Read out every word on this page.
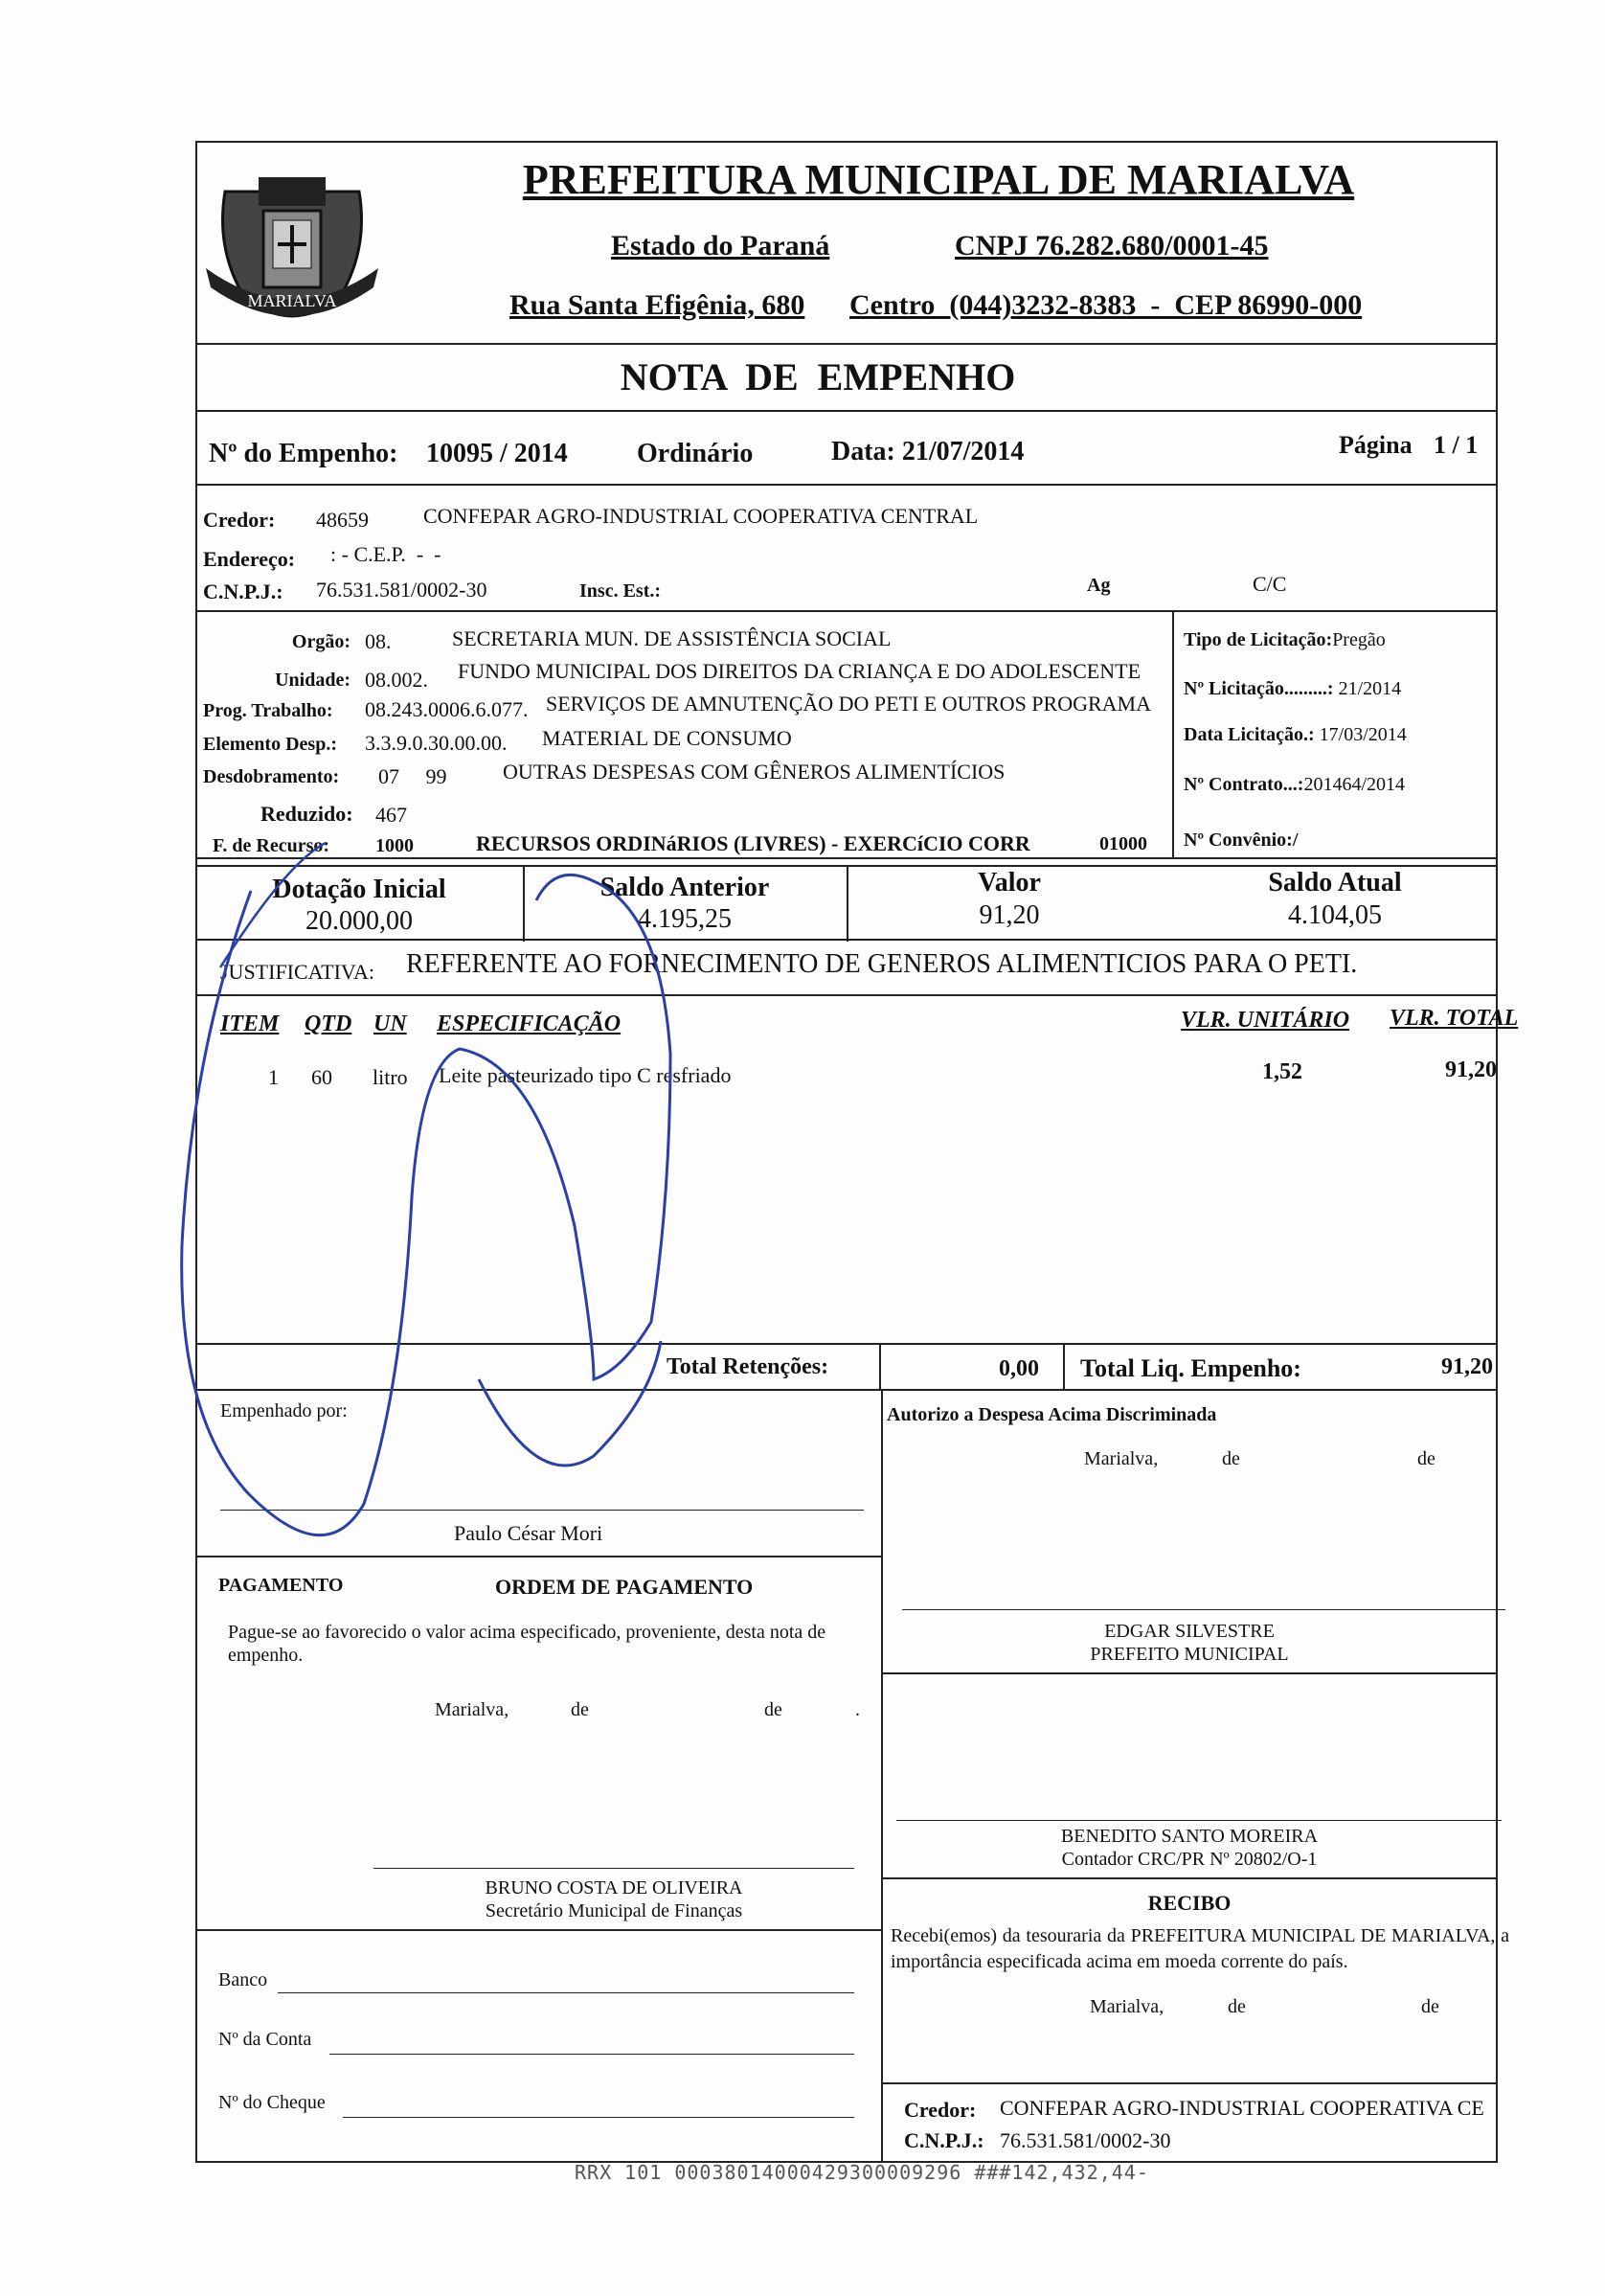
MARIALVA
PREFEITURA MUNICIPAL DE MARIALVA
Estado do Paraná	CNPJ 76.282.680/0001-45
Rua Santa Efigênia, 680 Centro  (044)3232-8383  -  CEP 86990-000
NOTA  DE  EMPENHO
Nº do Empenho: 10095 / 2014	Ordinário	Data: 21/07/2014	Página 1 / 1
Credor: 48659	CONFEPAR AGRO-INDUSTRIAL COOPERATIVA CENTRAL
Endereço: : - C.E.P.  -  -
C.N.P.J.: 76.531.581/0002-30	Insc. Est.:	Ag	C/C
Orgão: 08.	SECRETARIA MUN. DE ASSISTÊNCIA SOCIAL
Unidade: 08.002. FUNDO MUNICIPAL DOS DIREITOS DA CRIANÇA E DO ADOLESCENTE
Prog. Trabalho: 08.243.0006.6.077. SERVIÇOS DE AMNUTENÇÃO DO PETI E OUTROS PROGRAMA
Elemento Desp.: 3.3.9.0.30.00.00. MATERIAL DE CONSUMO
Desdobramento: 07     99	OUTRAS DESPESAS COM GÊNEROS ALIMENTÍCIOS
Reduzido: 467
F. de Recurso: 1000	RECURSOS ORDINáRIOS (LIVRES) - EXERCíCIO CORR	01000
Tipo de Licitação:Pregão
Nº Licitação.........: 21/2014
Data Licitação.: 17/03/2014
Nº Contrato...:201464/2014
Nº Convênio:/
Dotação Inicial
20.000,00
Saldo Anterior
4.195,25
Valor
91,20
Saldo Atual
4.104,05
JUSTIFICATIVA: REFERENTE AO FORNECIMENTO DE GENEROS ALIMENTICIOS PARA O PETI.
ITEM QTD UN ESPECIFICAÇÃO	VLR. UNITÁRIO VLR. TOTAL
1 60 litro Leite pasteurizado tipo C resfriado	1,52	91,20
Total Retenções:	0,00 Total Liq. Empenho:	91,20
Empenhado por:
Paulo César Mori
Autorizo a Despesa Acima Discriminada
Marialva,	de	de
PAGAMENTO	ORDEM DE PAGAMENTO
Pague-se ao favorecido o valor acima especificado, proveniente, desta nota de empenho.
Marialva,	de	de	.
EDGAR SILVESTRE
PREFEITO MUNICIPAL
BENEDITO SANTO MOREIRA
Contador CRC/PR Nº 20802/O-1
BRUNO COSTA DE OLIVEIRA
Secretário Municipal de Finanças	RECIBO
Recebi(emos) da tesouraria da PREFEITURA MUNICIPAL DE MARIALVA, a importância especificada acima em moeda corrente do país.
Marialva,	de	de
Banco
Nº da Conta
Nº do Cheque	Credor: CONFEPAR AGRO-INDUSTRIAL COOPERATIVA CE
C.N.P.J.: 76.531.581/0002-30
RRX 101 00038014000429300009296 ###142,432,44-
